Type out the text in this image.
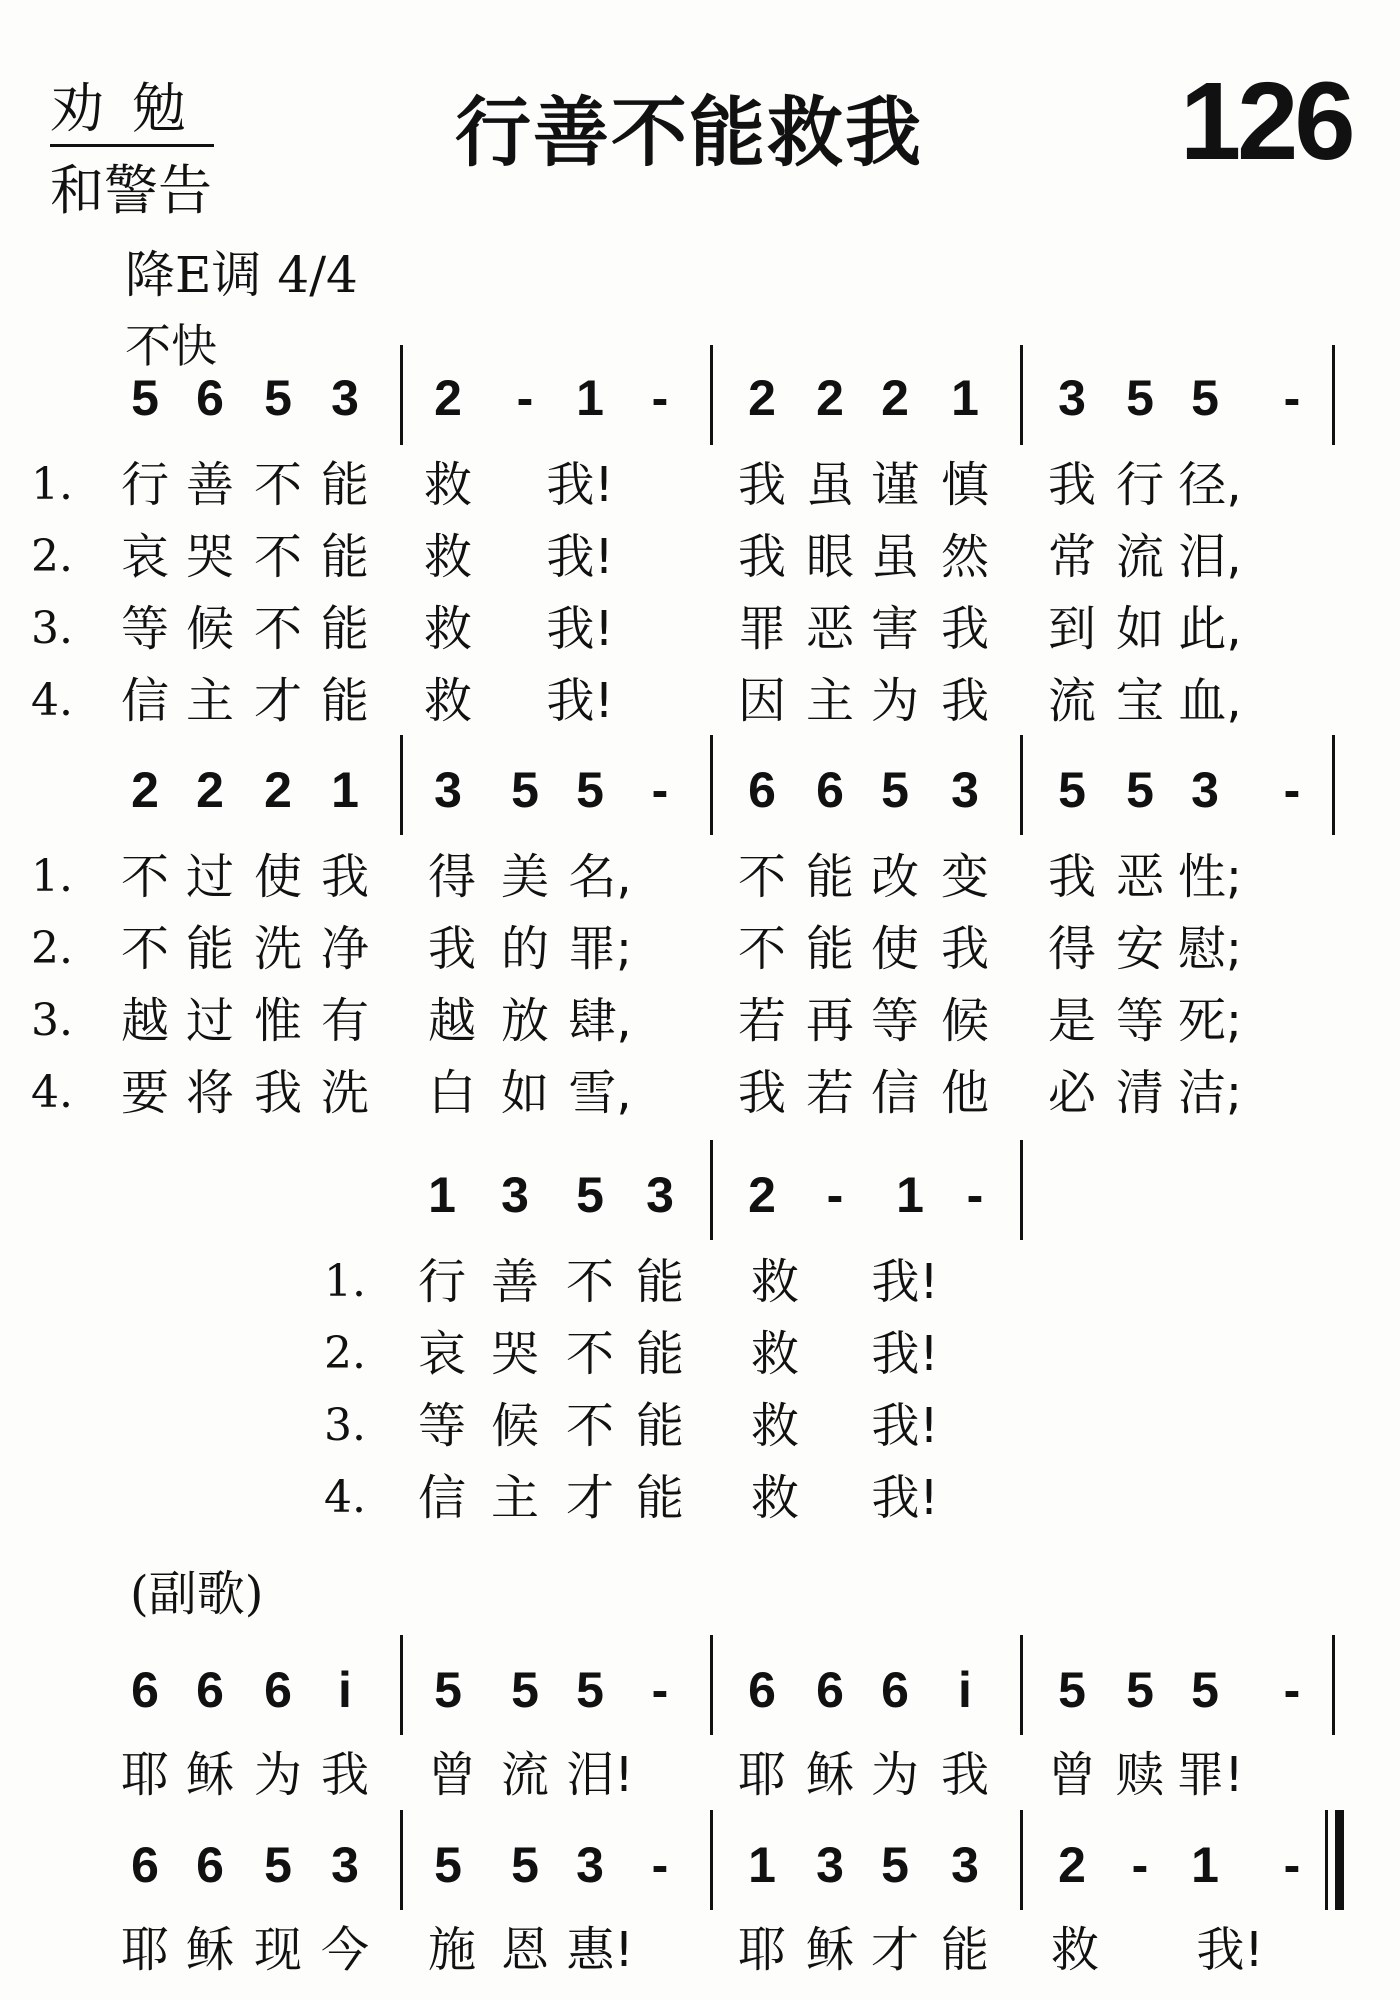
劝勉
和警告
行善不能救我 126
降E调 4/4
不快
(副歌)
5 6 5 3 2 - 1 - 2 2 2 1 3 5 5 -
1. 行 善 不 能 救 我!	我 虽 谨 慎 我 行 径,
2. 哀 哭 不 能 救 我!	我 眼 虽 然 常 流 泪,
3. 等 候 不 能 救 我!	罪 恶 害 我 到 如 此,
4. 信 主 才 能 救 我!	因 主 为 我 流 宝 血,
2 2 2 1 3 5 5 - 6 6 5 3 5 5 3 -
1. 不 过 使 我 得 美 名, 不 能 改 变 我 恶 性;
2. 不 能 洗 净 我 的 罪; 不 能 使 我 得 安 慰;
3. 越 过 惟 有 越 放 肆, 若 再 等 候 是 等 死;
4. 要 将 我 洗 白 如 雪, 我 若 信 他 必 清 洁;
1 3 5 3 2 - 1 -
1. 行 善 不 能 救 我!
2. 哀 哭 不 能 救 我!
3. 等 候 不 能 救 我!
4. 信 主 才 能 救 我!
6 6 6 i 5 5 5 - 6 6 6 i 5 5 5 -
耶 稣 为 我 曾 流 泪! 耶 稣 为 我 曾 赎 罪!
6 6 5 3 5 5 3 - 1 3 5 3 2 - 1 -
耶 稣 现 今 施 恩 惠! 耶 稣 才 能 救 我!
